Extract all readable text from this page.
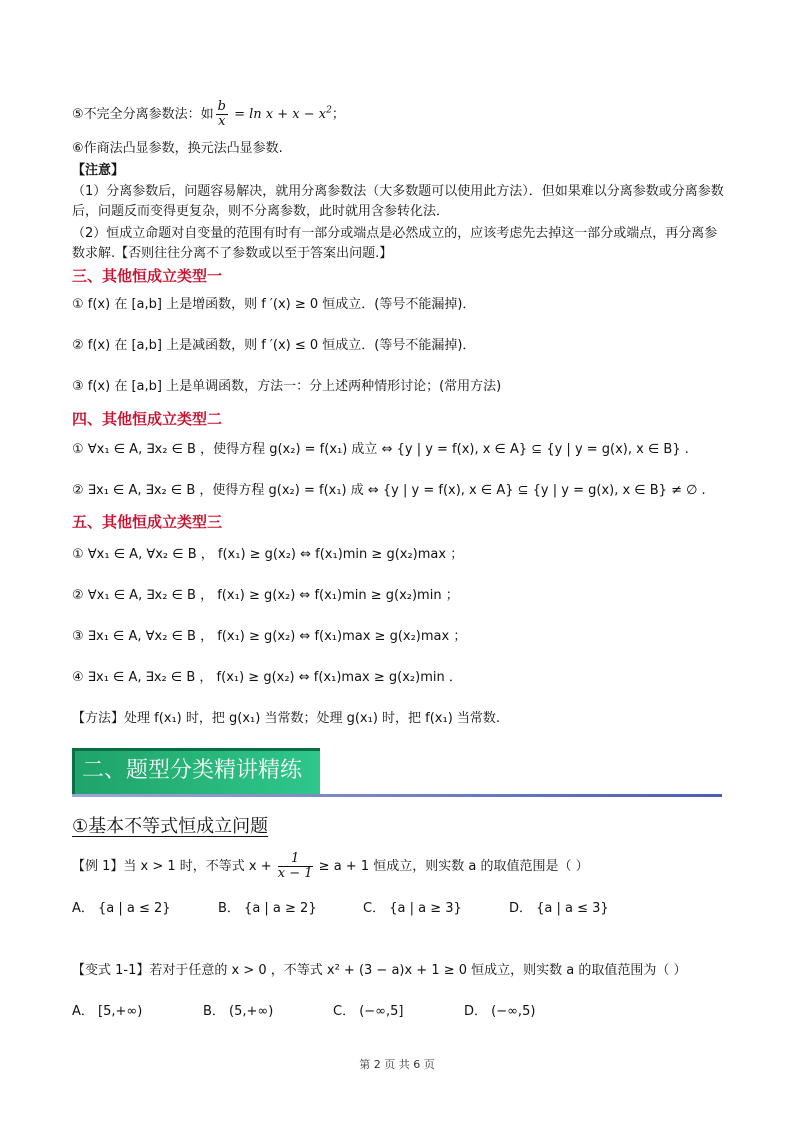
⑤不完全分离参数法：如 $\frac{b}{x} = \ln x + x - x^2$；
⑥作商法凸显参数，换元法凸显参数.
【注意】
（1）分离参数后，问题容易解决，就用分离参数法（大多数题可以使用此方法）．但如果难以分离参数或分离参数后，问题反而变得更复杂，则不分离参数，此时就用含参转化法．
（2）恒成立命题对自变量的范围有时有一部分或端点是必然成立的，应该考虑先去掉这一部分或端点，再分离参数求解.【否则往往分离不了参数或以至于答案出问题.】
三、其他恒成立类型一
① f(x) 在 [a,b] 上是增函数，则 f ′(x) ≥ 0 恒成立．(等号不能漏掉)．
② f(x) 在 [a,b] 上是减函数，则 f ′(x) ≤ 0 恒成立．(等号不能漏掉)．
③ f(x) 在 [a,b] 上是单调函数，方法一：分上述两种情形讨论；(常用方法)
四、其他恒成立类型二
① ∀x₁ ∈ A, ∃x₂ ∈ B ，使得方程 g(x₂) = f(x₁) 成立 ⇔ {y | y = f(x), x ∈ A} ⊆ {y | y = g(x), x ∈ B} .
② ∃x₁ ∈ A, ∃x₂ ∈ B ，使得方程 g(x₂) = f(x₁) 成 ⇔ {y | y = f(x), x ∈ A} ⊆ {y | y = g(x), x ∈ B} ≠ ∅ .
五、其他恒成立类型三
① ∀x₁ ∈ A, ∀x₂ ∈ B ， f(x₁) ≥ g(x₂) ⇔ f(x₁)min ≥ g(x₂)max ；
② ∀x₁ ∈ A, ∃x₂ ∈ B ， f(x₁) ≥ g(x₂) ⇔ f(x₁)min ≥ g(x₂)min ；
③ ∃x₁ ∈ A, ∀x₂ ∈ B ， f(x₁) ≥ g(x₂) ⇔ f(x₁)max ≥ g(x₂)max ；
④ ∃x₁ ∈ A, ∃x₂ ∈ B ， f(x₁) ≥ g(x₂) ⇔ f(x₁)max ≥ g(x₂)min ．
【方法】处理 f(x₁) 时，把 g(x₁) 当常数；处理 g(x₁) 时，把 f(x₁) 当常数.
二、题型分类精讲精练
①基本不等式恒成立问题
【例 1】当 x > 1 时，不等式 $x + \frac{1}{x - 1} \ge a + 1$ 恒成立，则实数 a 的取值范围是（ ）
A． {a | a ≤ 2}	B． {a | a ≥ 2}	C． {a | a ≥ 3}	D． {a | a ≤ 3}
【变式 1-1】若对于任意的 x > 0 ，不等式 x² + (3 − a)x + 1 ≥ 0 恒成立，则实数 a 的取值范围为（ ）
A． [5,+∞)	B． (5,+∞)	C． (−∞,5]	D． (−∞,5)
第 2 页 共 6 页
